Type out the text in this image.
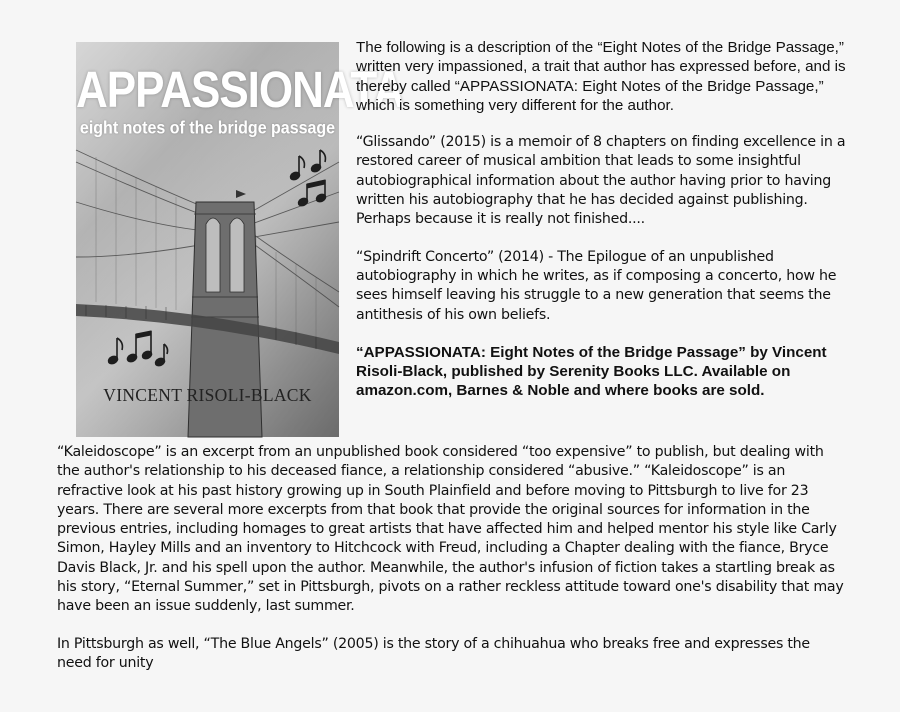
APPASSIONATA
eight notes of the bridge passage
VINCENT RISOLI-BLACK

The following is a description of the “Eight Notes of the Bridge Passage,” written very impassioned, a trait that author has expressed before, and is thereby called “APPASSIONATA: Eight Notes of the Bridge Passage,” which is something very different for the author.

“Glissando” (2015) is a memoir of 8 chapters on finding excellence in a restored career of musical ambition that leads to some insightful autobiographical information about the author having prior to having written his autobiography that he has decided against publishing. Perhaps because it is really not finished....

“Spindrift Concerto” (2014) - The Epilogue of an unpublished autobiography in which he writes, as if composing a concerto, how he sees himself leaving his struggle to a new generation that seems the antithesis of his own beliefs.

“APPASSIONATA: Eight Notes of the Bridge Passage” by Vincent Risoli-Black, published by Serenity Books LLC. Available on amazon.com, Barnes & Noble and where books are sold.

“Kaleidoscope” is an excerpt from an unpublished book considered “too expensive” to publish, but dealing with the author's relationship to his deceased fiance, a relationship considered “abusive.” “Kaleidoscope” is an refractive look at his past history growing up in South Plainfield and before moving to Pittsburgh to live for 23 years. There are several more excerpts from that book that provide the original sources for information in the previous entries, including homages to great artists that have affected him and helped mentor his style like Carly Simon, Hayley Mills and an inventory to Hitchcock with Freud, including a Chapter dealing with the fiance, Bryce Davis Black, Jr. and his spell upon the author. Meanwhile, the author's infusion of fiction takes a startling break as his story, “Eternal Summer,” set in Pittsburgh, pivots on a rather reckless attitude toward one's disability that may have been an issue suddenly, last summer.

In Pittsburgh as well, “The Blue Angels” (2005) is the story of a chihuahua who breaks free and expresses the need for unity
